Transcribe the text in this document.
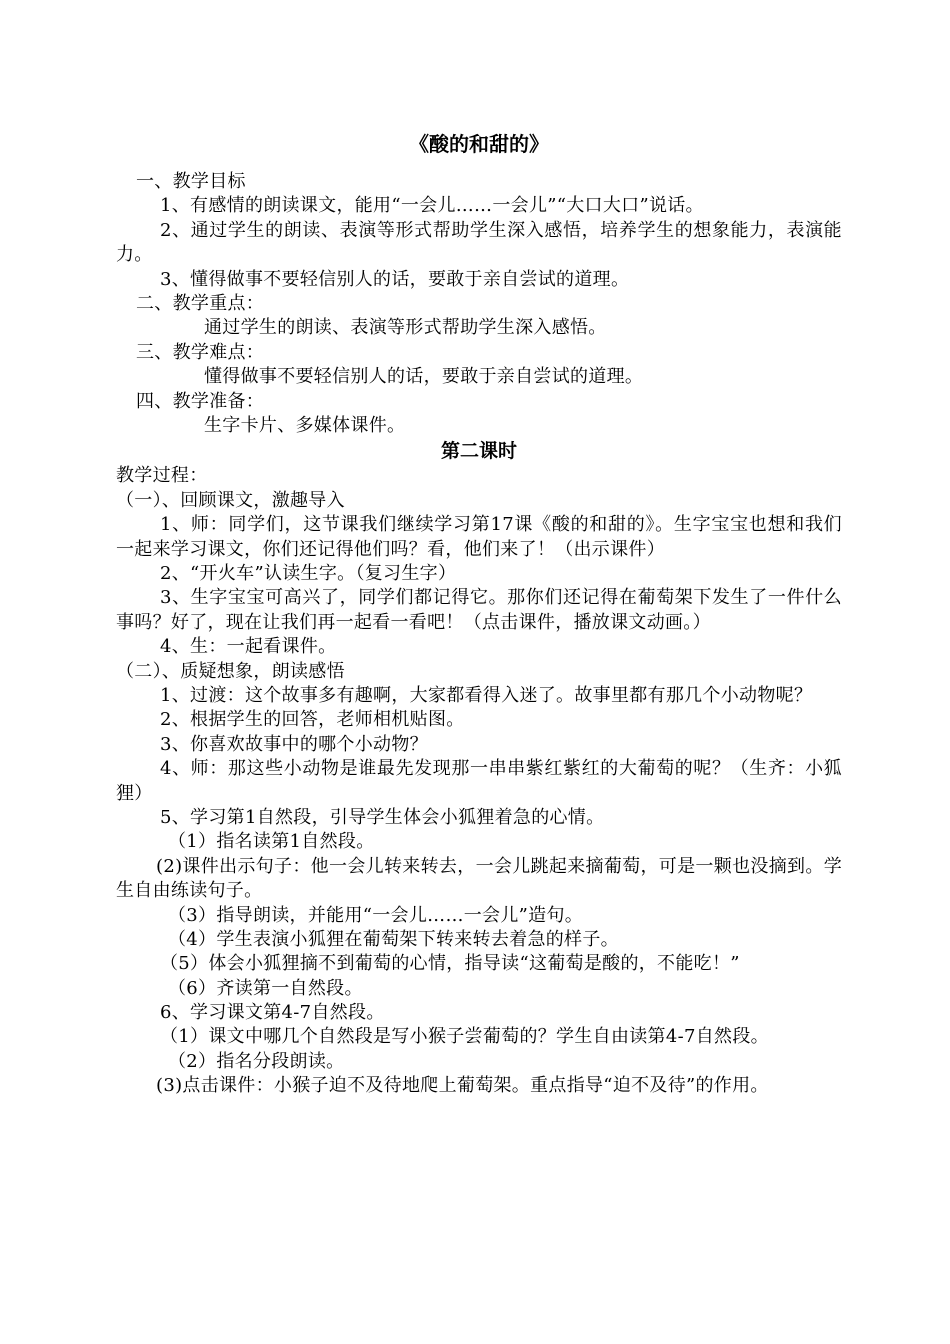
《酸的和甜的》
一、教学目标
1、有感情的朗读课文，能用“一会儿……一会儿”“大口大口”说话。
2、通过学生的朗读、表演等形式帮助学生深入感悟，培养学生的想象能力，表演能力。
3、懂得做事不要轻信别人的话，要敢于亲自尝试的道理。
二、教学重点：
通过学生的朗读、表演等形式帮助学生深入感悟。
三、教学难点：
懂得做事不要轻信别人的话，要敢于亲自尝试的道理。
四、教学准备：
生字卡片、多媒体课件。
第二课时
教学过程：
（一）、回顾课文，激趣导入
1、师：同学们，这节课我们继续学习第17课《酸的和甜的》。生字宝宝也想和我们一起来学习课文，你们还记得他们吗？看，他们来了！（出示课件）
2、“开火车”认读生字。（复习生字）
3、生字宝宝可高兴了，同学们都记得它。那你们还记得在葡萄架下发生了一件什么事吗？好了，现在让我们再一起看一看吧！（点击课件，播放课文动画。）
4、生：一起看课件。
（二）、质疑想象，朗读感悟
1、过渡：这个故事多有趣啊，大家都看得入迷了。故事里都有那几个小动物呢？
2、根据学生的回答，老师相机贴图。
3、你喜欢故事中的哪个小动物？
4、师：那这些小动物是谁最先发现那一串串紫红紫红的大葡萄的呢？（生齐：小狐狸）
5、学习第1自然段，引导学生体会小狐狸着急的心情。
（1）指名读第1自然段。
(2)课件出示句子：他一会儿转来转去，一会儿跳起来摘葡萄，可是一颗也没摘到。学生自由练读句子。
（3）指导朗读，并能用“一会儿……一会儿”造句。
（4）学生表演小狐狸在葡萄架下转来转去着急的样子。
（5）体会小狐狸摘不到葡萄的心情，指导读“这葡萄是酸的，不能吃！”
（6）齐读第一自然段。
6、学习课文第4-7自然段。
（1）课文中哪几个自然段是写小猴子尝葡萄的？学生自由读第4-7自然段。
（2）指名分段朗读。
(3)点击课件：小猴子迫不及待地爬上葡萄架。重点指导“迫不及待”的作用。
